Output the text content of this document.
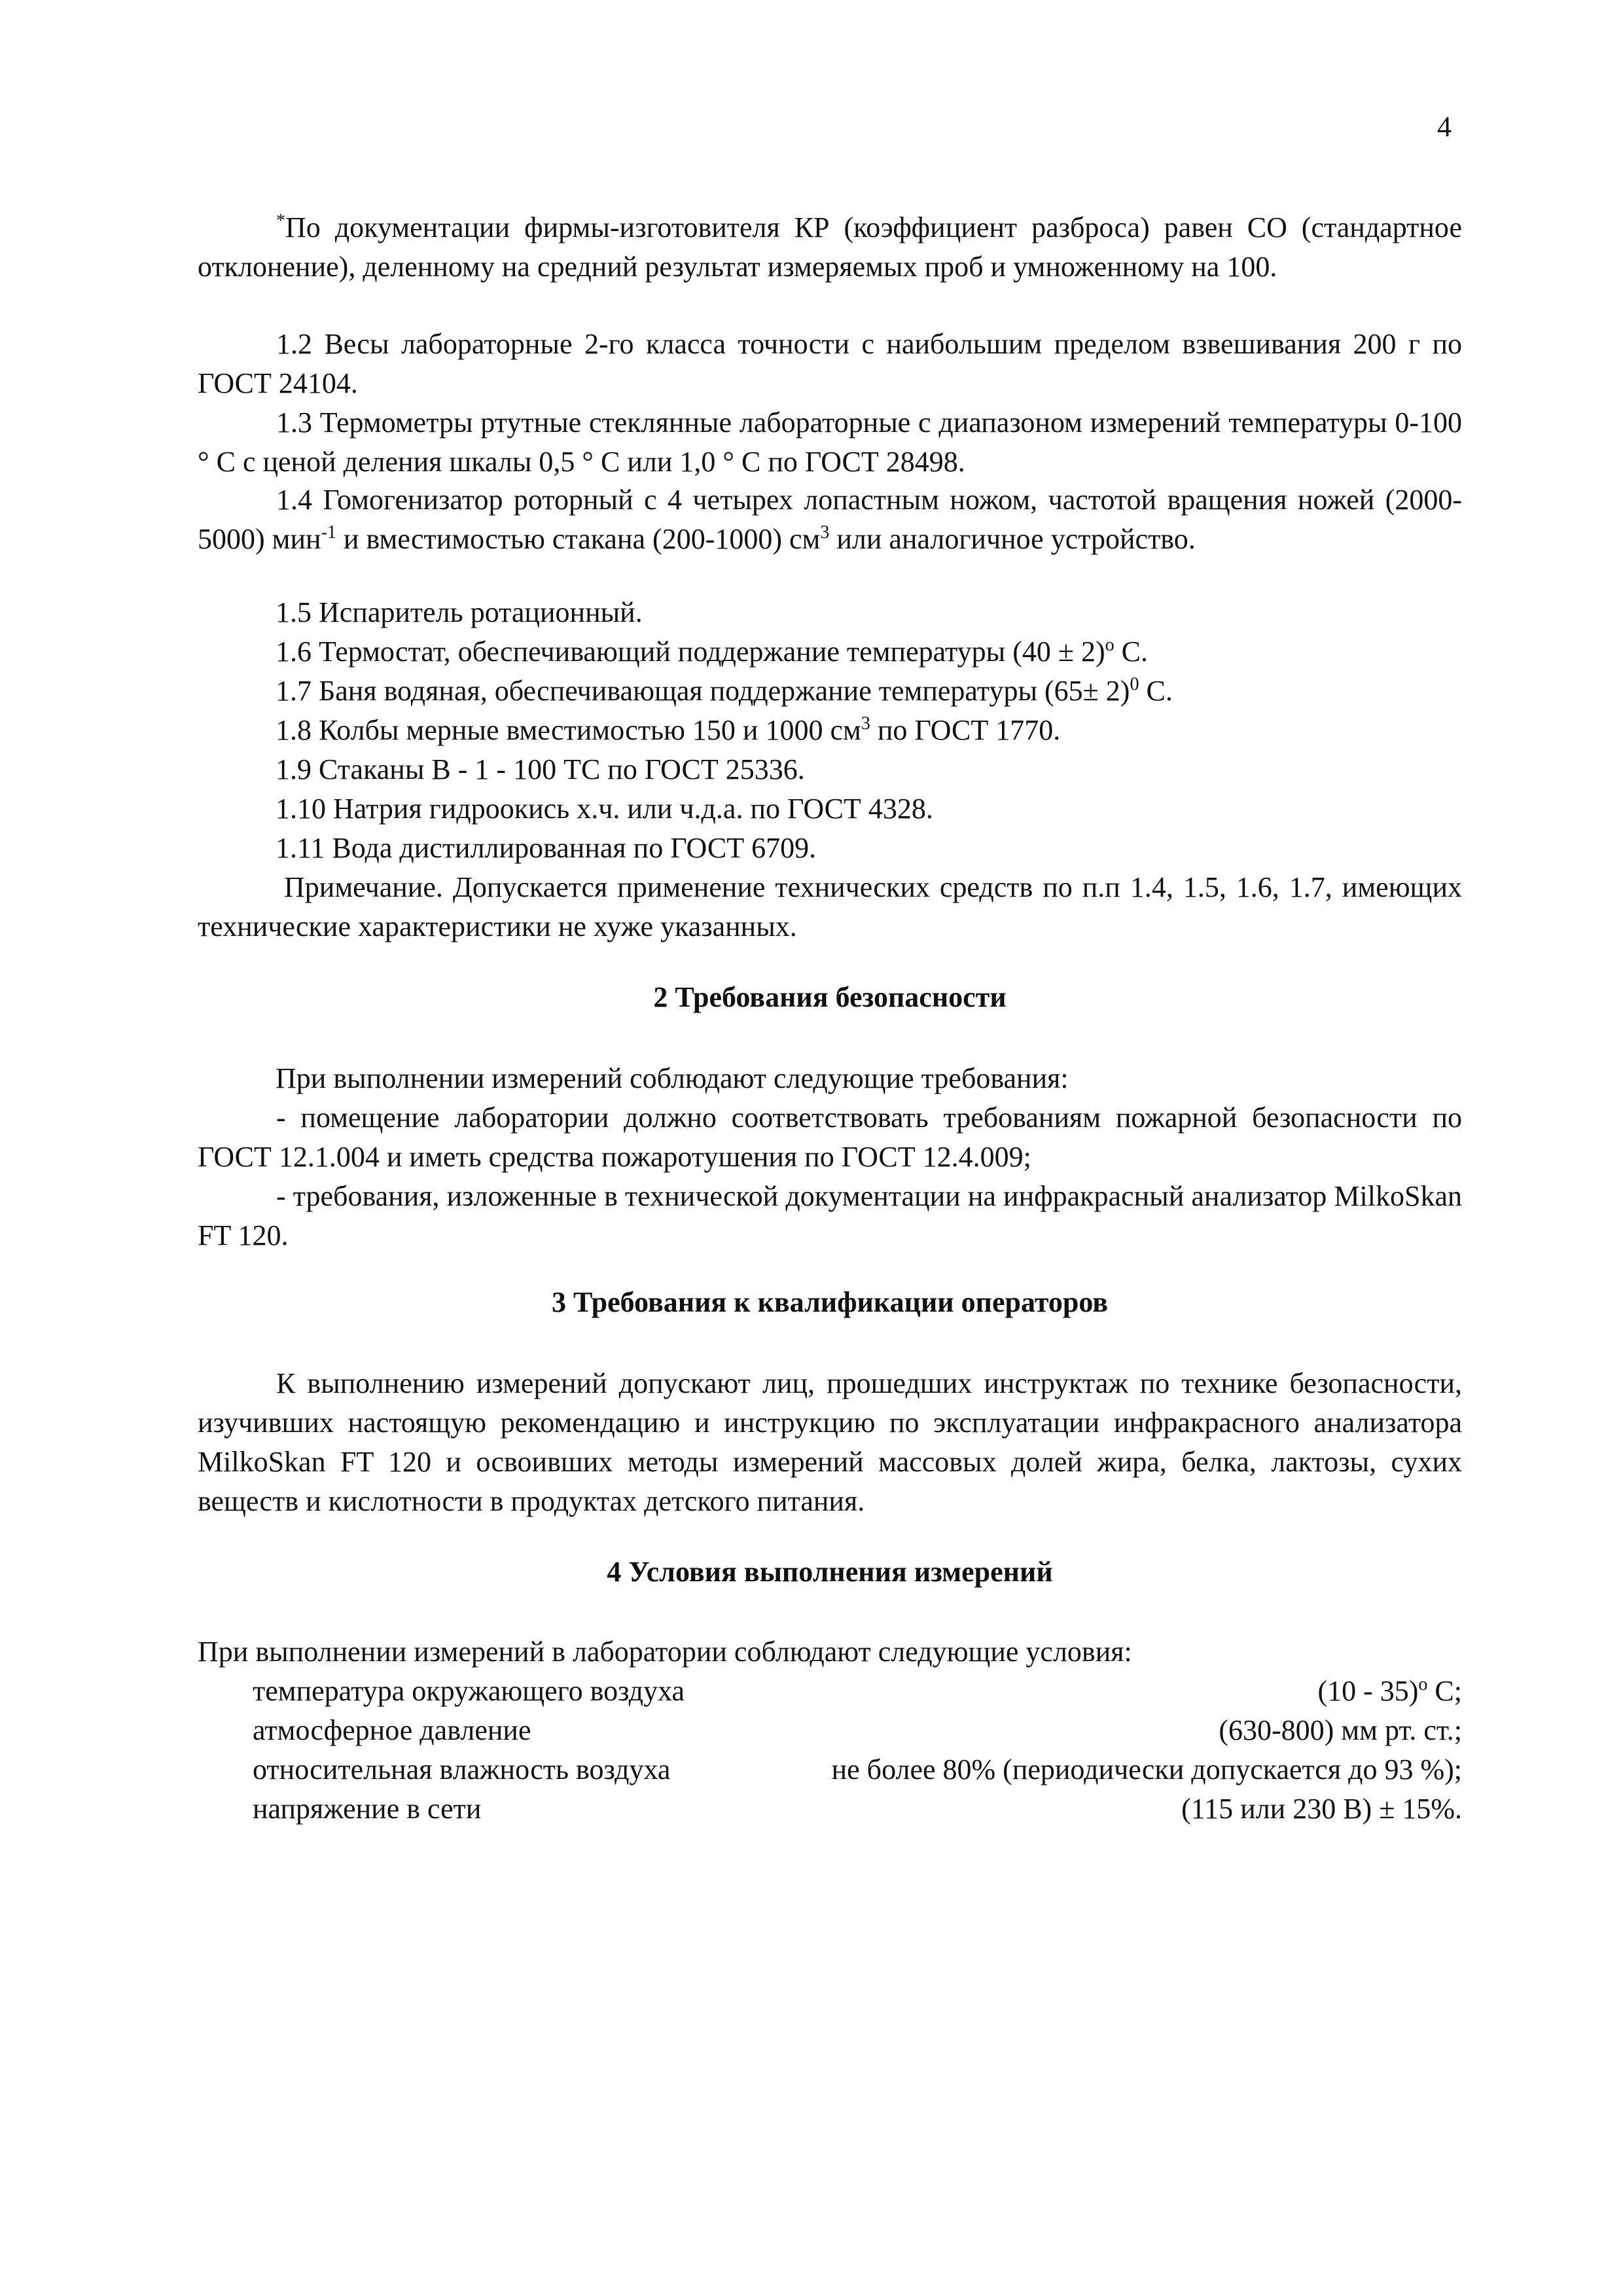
4

*По документации фирмы-изготовителя КР (коэффициент разброса) равен СО (стандартное отклонение), деленному на средний результат измеряемых проб и умноженному на 100.

1.2 Весы лабораторные 2-го класса точности с наибольшим пределом взвешивания 200 г по ГОСТ 24104.

1.3 Термометры ртутные стеклянные лабораторные с диапазоном измерений температуры 0-100 ° С с ценой деления шкалы 0,5 ° С или 1,0 ° С по ГОСТ 28498.

1.4 Гомогенизатор роторный с 4 четырех лопастным ножом, частотой вращения ножей (2000-5000) мин$^{-1}$ и вместимостью стакана (200-1000) $см^3$ или аналогичное устройство.

1.5 Испаритель ротационный.
1.6 Термостат, обеспечивающий поддержание температуры $(40 \pm 2)^o$ С.
1.7 Баня водяная, обеспечивающая поддержание температуры $(65\pm 2)^0$ С.
1.8 Колбы мерные вместимостью 150 и 1000 $см^3$ по ГОСТ 1770.
1.9 Стаканы В - 1 - 100 ТС по ГОСТ 25336.
1.10 Натрия гидроокись х.ч. или ч.д.а. по ГОСТ 4328.
1.11 Вода дистиллированная по ГОСТ 6709.

Примечание. Допускается применение технических средств по п.п 1.4, 1.5, 1.6, 1.7, имеющих технические характеристики не хуже указанных.

2 Требования безопасности
При выполнении измерений соблюдают следующие требования:

- помещение лаборатории должно соответствовать требованиям пожарной безопасности по ГОСТ 12.1.004 и иметь средства пожаротушения по ГОСТ 12.4.009;

- требования, изложенные в технической документации на инфракрасный анализатор MilkoSkan FT 120.

3 Требования к квалификации операторов

К выполнению измерений допускают лиц, прошедших инструктаж по технике безопасности, изучивших настоящую рекомендацию и инструкцию по эксплуатации инфракрасного анализатора MilkoSkan FT 120 и освоивших методы измерений массовых долей жира, белка, лактозы, сухих веществ и кислотности в продуктах детского питания.

4 Условия выполнения измерений
При выполнении измерений в лаборатории соблюдают следующие условия:
температура окружающего воздуха	(10 - 35)$^o$ С;
атмосферное давление	(630-800) мм рт. ст.;
относительная влажность воздуха	не более 80% (периодически допускается до 93 %);
напряжение в сети	(115 или 230 В) ± 15%.
